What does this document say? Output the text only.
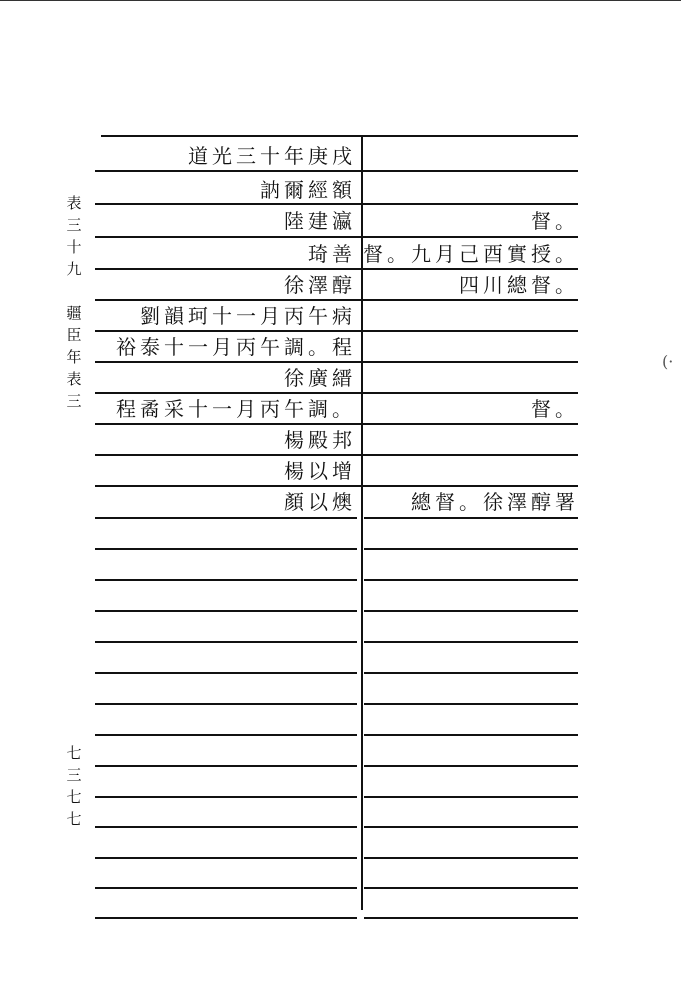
表三十九

疆臣年表三
七三七七
(·
道光三十年庚戌
訥爾經額
陸建瀛	督。
琦善 督。九月己酉實授。
徐澤醇	四川總督。
劉韻珂十一月丙午病
裕泰十一月丙午調。程
徐廣縉
程矞采十一月丙午調。	督。
楊殿邦
楊以增
顏以燠	總督。徐澤醇署
